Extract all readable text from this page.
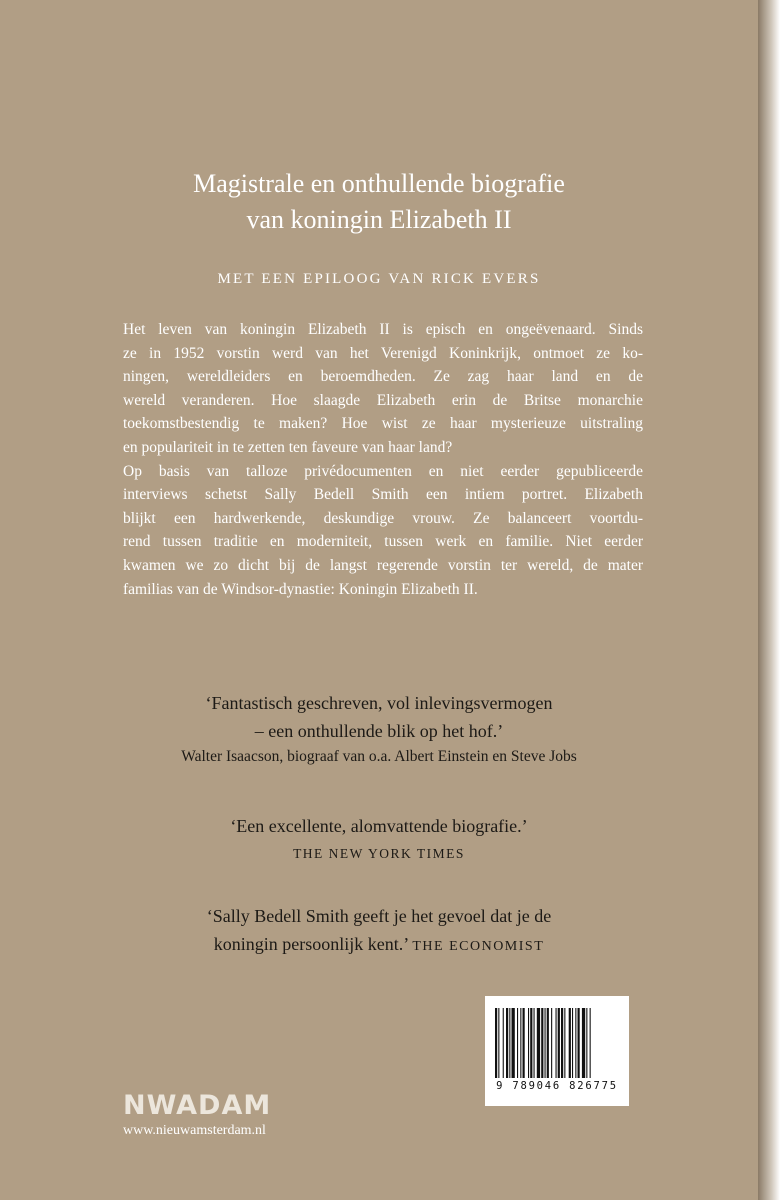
Magistrale en onthullende biografie
van koningin Elizabeth II
MET EEN EPILOOG VAN RICK EVERS
Het leven van koningin Elizabeth II is episch en ongeëvenaard. Sinds
ze in 1952 vorstin werd van het Verenigd Koninkrijk, ontmoet ze ko-
ningen, wereldleiders en beroemdheden. Ze zag haar land en de
wereld veranderen. Hoe slaagde Elizabeth erin de Britse monarchie
toekomstbestendig te maken? Hoe wist ze haar mysterieuze uitstraling
en populariteit in te zetten ten faveure van haar land?
Op basis van talloze privédocumenten en niet eerder gepubliceerde
interviews schetst Sally Bedell Smith een intiem portret. Elizabeth
blijkt een hardwerkende, deskundige vrouw. Ze balanceert voortdu-
rend tussen traditie en moderniteit, tussen werk en familie. Niet eerder
kwamen we zo dicht bij de langst regerende vorstin ter wereld, de mater
familias van de Windsor-dynastie: Koningin Elizabeth II.
‘Fantastisch geschreven, vol inlevingsvermogen
– een onthullende blik op het hof.’
Walter Isaacson, biograaf van o.a. Albert Einstein en Steve Jobs
‘Een excellente, alomvattende biografie.’
THE NEW YORK TIMES
‘Sally Bedell Smith geeft je het gevoel dat je de
koningin persoonlijk kent.’ THE ECONOMIST
9 789046 826775
NWADAM
www.nieuwamsterdam.nl
